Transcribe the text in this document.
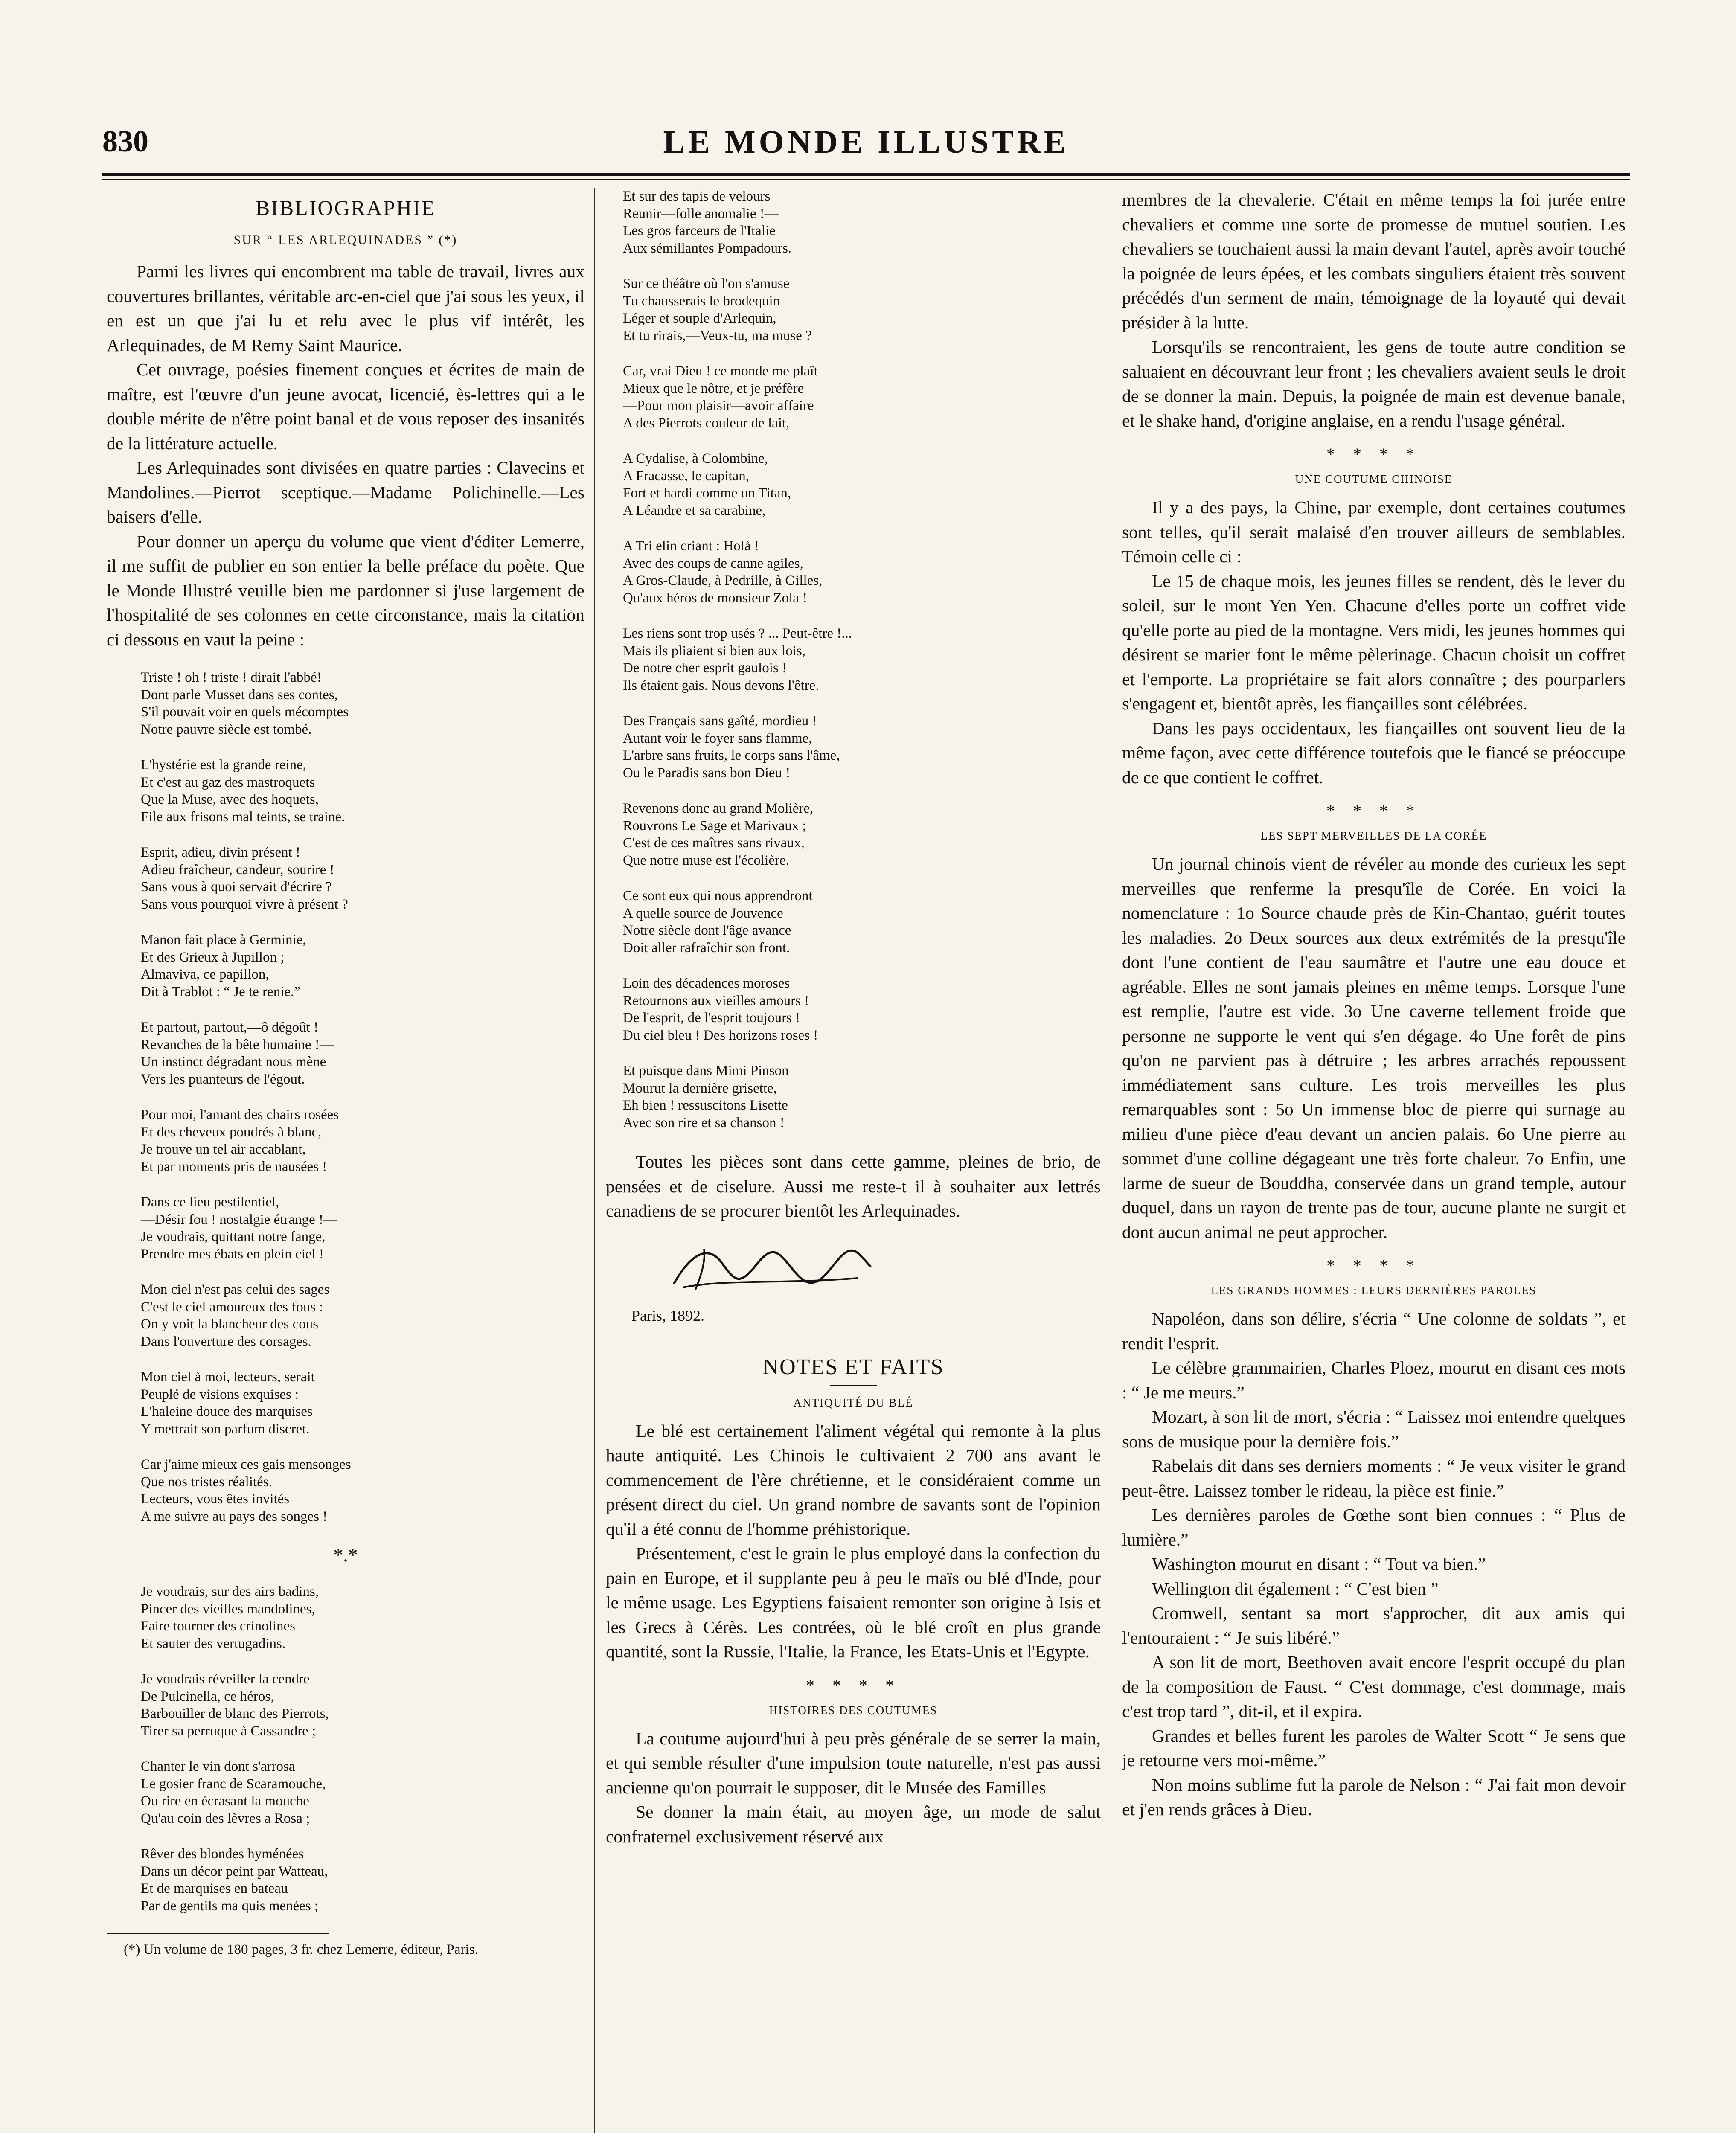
830	LE MONDE ILLUSTRE
BIBLIOGRAPHIE
SUR “ LES ARLEQUINADES ” (*)

Parmi les livres qui encombrent ma table de travail, livres aux couvertures brillantes, véritable arc-en-ciel que j'ai sous les yeux, il en est un que j'ai lu et relu avec le plus vif intérêt, les Arlequinades, de M Remy Saint Maurice.

Cet ouvrage, poésies finement conçues et écrites de main de maître, est l'œuvre d'un jeune avocat, licencié, ès-lettres qui a le double mérite de n'être point banal et de vous reposer des insanités de la littérature actuelle.

Les Arlequinades sont divisées en quatre parties : Clavecins et Mandolines.—Pierrot sceptique.—Madame Polichinelle.—Les baisers d'elle.

Pour donner un aperçu du volume que vient d'éditer Lemerre, il me suffit de publier en son entier la belle préface du poète. Que le Monde Illustré veuille bien me pardonner si j'use largement de l'hospitalité de ses colonnes en cette circonstance, mais la citation ci dessous en vaut la peine :

Triste ! oh ! triste ! dirait l'abbé!
Dont parle Musset dans ses contes,
S'il pouvait voir en quels mécomptes
Notre pauvre siècle est tombé.
L'hystérie est la grande reine,
Et c'est au gaz des mastroquets
Que la Muse, avec des hoquets,
File aux frisons mal teints, se traine.
Esprit, adieu, divin présent !
Adieu fraîcheur, candeur, sourire !
Sans vous à quoi servait d'écrire ?
Sans vous pourquoi vivre à présent ?
Manon fait place à Germinie,
Et des Grieux à Jupillon ;
Almaviva, ce papillon,
Dit à Trablot : “ Je te renie.”
Et partout, partout,—ô dégoût !
Revanches de la bête humaine !—
Un instinct dégradant nous mène
Vers les puanteurs de l'égout.
Pour moi, l'amant des chairs rosées
Et des cheveux poudrés à blanc,
Je trouve un tel air accablant,
Et par moments pris de nausées !
Dans ce lieu pestilentiel,
—Désir fou ! nostalgie étrange !—
Je voudrais, quittant notre fange,
Prendre mes ébats en plein ciel !
Mon ciel n'est pas celui des sages
C'est le ciel amoureux des fous :
On y voit la blancheur des cous
Dans l'ouverture des corsages.
Mon ciel à moi, lecteurs, serait
Peuplé de visions exquises :
L'haleine douce des marquises
Y mettrait son parfum discret.
Car j'aime mieux ces gais mensonges
Que nos tristes réalités.
Lecteurs, vous êtes invités
A me suivre au pays des songes !
*.*
Je voudrais, sur des airs badins,
Pincer des vieilles mandolines,
Faire tourner des crinolines
Et sauter des vertugadins.
Je voudrais réveiller la cendre
De Pulcinella, ce héros,
Barbouiller de blanc des Pierrots,
Tirer sa perruque à Cassandre ;
Chanter le vin dont s'arrosa
Le gosier franc de Scaramouche,
Ou rire en écrasant la mouche
Qu'au coin des lèvres a Rosa ;
Rêver des blondes hyménées
Dans un décor peint par Watteau,
Et de marquises en bateau
Par de gentils ma quis menées ;
(*) Un volume de 180 pages, 3 fr. chez Lemerre, éditeur, Paris.
Et sur des tapis de velours
Reunir—folle anomalie !—
Les gros farceurs de l'Italie
Aux sémillantes Pompadours.
Sur ce théâtre où l'on s'amuse
Tu chausserais le brodequin
Léger et souple d'Arlequin,
Et tu rirais,—Veux-tu, ma muse ?
Car, vrai Dieu ! ce monde me plaît
Mieux que le nôtre, et je préfère
—Pour mon plaisir—avoir affaire
A des Pierrots couleur de lait,
A Cydalise, à Colombine,
A Fracasse, le capitan,
Fort et hardi comme un Titan,
A Léandre et sa carabine,
A Tri elin criant : Holà !
Avec des coups de canne agiles,
A Gros-Claude, à Pedrille, à Gilles,
Qu'aux héros de monsieur Zola !
Les riens sont trop usés ? ... Peut-être !...
Mais ils pliaient si bien aux lois,
De notre cher esprit gaulois !
Ils étaient gais. Nous devons l'être.
Des Français sans gaîté, mordieu !
Autant voir le foyer sans flamme,
L'arbre sans fruits, le corps sans l'âme,
Ou le Paradis sans bon Dieu !
Revenons donc au grand Molière,
Rouvrons Le Sage et Marivaux ;
C'est de ces maîtres sans rivaux,
Que notre muse est l'écolière.
Ce sont eux qui nous apprendront
A quelle source de Jouvence
Notre siècle dont l'âge avance
Doit aller rafraîchir son front.
Loin des décadences moroses
Retournons aux vieilles amours !
De l'esprit, de l'esprit toujours !
Du ciel bleu ! Des horizons roses !
Et puisque dans Mimi Pinson
Mourut la dernière grisette,
Eh bien ! ressuscitons Lisette
Avec son rire et sa chanson !

Toutes les pièces sont dans cette gamme, pleines de brio, de pensées et de ciselure. Aussi me reste-t il à souhaiter aux lettrés canadiens de se procurer bientôt les Arlequinades.

Paris, 1892.
NOTES ET FAITS
ANTIQUITÉ DU BLÉ

Le blé est certainement l'aliment végétal qui remonte à la plus haute antiquité. Les Chinois le cultivaient 2 700 ans avant le commencement de l'ère chrétienne, et le considéraient comme un présent direct du ciel. Un grand nombre de savants sont de l'opinion qu'il a été connu de l'homme préhistorique.

Présentement, c'est le grain le plus employé dans la confection du pain en Europe, et il supplante peu à peu le maïs ou blé d'Inde, pour le même usage. Les Egyptiens faisaient remonter son origine à Isis et les Grecs à Cérès. Les contrées, où le blé croît en plus grande quantité, sont la Russie, l'Italie, la France, les Etats-Unis et l'Egypte.

* * * *
HISTOIRES DES COUTUMES

La coutume aujourd'hui à peu près générale de se serrer la main, et qui semble résulter d'une impulsion toute naturelle, n'est pas aussi ancienne qu'on pourrait le supposer, dit le Musée des Familles

Se donner la main était, au moyen âge, un mode de salut confraternel exclusivement réservé aux

membres de la chevalerie. C'était en même temps la foi jurée entre chevaliers et comme une sorte de promesse de mutuel soutien. Les chevaliers se touchaient aussi la main devant l'autel, après avoir touché la poignée de leurs épées, et les combats singuliers étaient très souvent précédés d'un serment de main, témoignage de la loyauté qui devait présider à la lutte.

Lorsqu'ils se rencontraient, les gens de toute autre condition se saluaient en découvrant leur front ; les chevaliers avaient seuls le droit de se donner la main. Depuis, la poignée de main est devenue banale, et le shake hand, d'origine anglaise, en a rendu l'usage général.

* * * *
UNE COUTUME CHINOISE

Il y a des pays, la Chine, par exemple, dont certaines coutumes sont telles, qu'il serait malaisé d'en trouver ailleurs de semblables. Témoin celle ci :

Le 15 de chaque mois, les jeunes filles se rendent, dès le lever du soleil, sur le mont Yen Yen. Chacune d'elles porte un coffret vide qu'elle porte au pied de la montagne. Vers midi, les jeunes hommes qui désirent se marier font le même pèlerinage. Chacun choisit un coffret et l'emporte. La propriétaire se fait alors connaître ; des pourparlers s'engagent et, bientôt après, les fiançailles sont célébrées.

Dans les pays occidentaux, les fiançailles ont souvent lieu de la même façon, avec cette différence toutefois que le fiancé se préoccupe de ce que contient le coffret.

* * * *
LES SEPT MERVEILLES DE LA CORÉE

Un journal chinois vient de révéler au monde des curieux les sept merveilles que renferme la presqu'île de Corée. En voici la nomenclature : 1o Source chaude près de Kin-Chantao, guérit toutes les maladies. 2o Deux sources aux deux extrémités de la presqu'île dont l'une contient de l'eau saumâtre et l'autre une eau douce et agréable. Elles ne sont jamais pleines en même temps. Lorsque l'une est remplie, l'autre est vide. 3o Une caverne tellement froide que personne ne supporte le vent qui s'en dégage. 4o Une forêt de pins qu'on ne parvient pas à détruire ; les arbres arrachés repoussent immédiatement sans culture. Les trois merveilles les plus remarquables sont : 5o Un immense bloc de pierre qui surnage au milieu d'une pièce d'eau devant un ancien palais. 6o Une pierre au sommet d'une colline dégageant une très forte chaleur. 7o Enfin, une larme de sueur de Bouddha, conservée dans un grand temple, autour duquel, dans un rayon de trente pas de tour, aucune plante ne surgit et dont aucun animal ne peut approcher.

* * * *
LES GRANDS HOMMES : LEURS DERNIÈRES PAROLES

Napoléon, dans son délire, s'écria “ Une colonne de soldats ”, et rendit l'esprit.

Le célèbre grammairien, Charles Ploez, mourut en disant ces mots : “ Je me meurs.”

Mozart, à son lit de mort, s'écria : “ Laissez moi entendre quelques sons de musique pour la dernière fois.”

Rabelais dit dans ses derniers moments : “ Je veux visiter le grand peut-être. Laissez tomber le rideau, la pièce est finie.”

Les dernières paroles de Gœthe sont bien connues : “ Plus de lumière.”

Washington mourut en disant : “ Tout va bien.”

Wellington dit également : “ C'est bien ”

Cromwell, sentant sa mort s'approcher, dit aux amis qui l'entouraient : “ Je suis libéré.”

A son lit de mort, Beethoven avait encore l'esprit occupé du plan de la composition de Faust. “ C'est dommage, c'est dommage, mais c'est trop tard ”, dit-il, et il expira.

Grandes et belles furent les paroles de Walter Scott “ Je sens que je retourne vers moi-même.”

Non moins sublime fut la parole de Nelson : “ J'ai fait mon devoir et j'en rends grâces à Dieu.
